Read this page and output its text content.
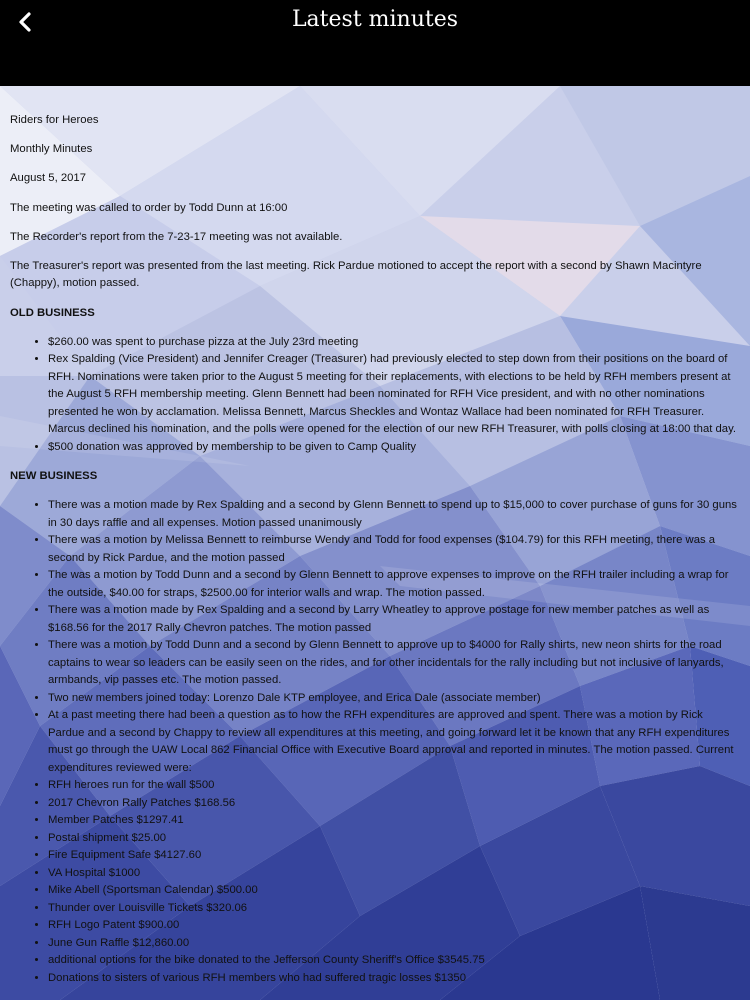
Latest minutes

Riders for Heroes

Monthly Minutes

August 5, 2017

The meeting was called to order by Todd Dunn at 16:00

The Recorder's report from the 7-23-17 meeting was not available.

The Treasurer's report was presented from the last meeting. Rick Pardue motioned to accept the report with a second by Shawn Macintyre (Chappy), motion passed.

OLD BUSINESS
• $260.00 was spent to purchase pizza at the July 23rd meeting
• Rex Spalding (Vice President) and Jennifer Creager (Treasurer) had previously elected to step down from their positions on the board of RFH. Nominations were taken prior to the August 5 meeting for their replacements, with elections to be held by RFH members present at the August 5 RFH membership meeting. Glenn Bennett had been nominated for RFH Vice president, and with no other nominations presented he won by acclamation. Melissa Bennett, Marcus Sheckles and Wontaz Wallace had been nominated for RFH Treasurer. Marcus declined his nomination, and the polls were opened for the election of our new RFH Treasurer, with polls closing at 18:00 that day.
• $500 donation was approved by membership to be given to Camp Quality
NEW BUSINESS
• There was a motion made by Rex Spalding and a second by Glenn Bennett to spend up to $15,000 to cover purchase of guns for 30 guns in 30 days raffle and all expenses. Motion passed unanimously
• There was a motion by Melissa Bennett to reimburse Wendy and Todd for food expenses ($104.79) for this RFH meeting, there was a second by Rick Pardue, and the motion passed
• The was a motion by Todd Dunn and a second by Glenn Bennett to approve expenses to improve on the RFH trailer including a wrap for the outside, $40.00 for straps, $2500.00 for interior walls and wrap. The motion passed.
• There was a motion made by Rex Spalding and a second by Larry Wheatley to approve postage for new member patches as well as $168.56 for the 2017 Rally Chevron patches. The motion passed
• There was a motion by Todd Dunn and a second by Glenn Bennett to approve up to $4000 for Rally shirts, new neon shirts for the road captains to wear so leaders can be easily seen on the rides, and for other incidentals for the rally including but not inclusive of lanyards, armbands, vip passes etc. The motion passed.
• Two new members joined today: Lorenzo Dale KTP employee, and Erica Dale (associate member)
• At a past meeting there had been a question as to how the RFH expenditures are approved and spent. There was a motion by Rick Pardue and a second by Chappy to review all expenditures at this meeting, and going forward let it be known that any RFH expenditures must go through the UAW Local 862 Financial Office with Executive Board approval and reported in minutes. The motion passed. Current expenditures reviewed were:
• RFH heroes run for the wall $500
• 2017 Chevron Rally Patches $168.56
• Member Patches $1297.41
• Postal shipment $25.00
• Fire Equipment Safe $4127.60
• VA Hospital $1000
• Mike Abell (Sportsman Calendar) $500.00
• Thunder over Louisville Tickets $320.06
• RFH Logo Patent $900.00
• June Gun Raffle $12,860.00
• additional options for the bike donated to the Jefferson County Sheriff's Office $3545.75
• Donations to sisters of various RFH members who had suffered tragic losses $1350
